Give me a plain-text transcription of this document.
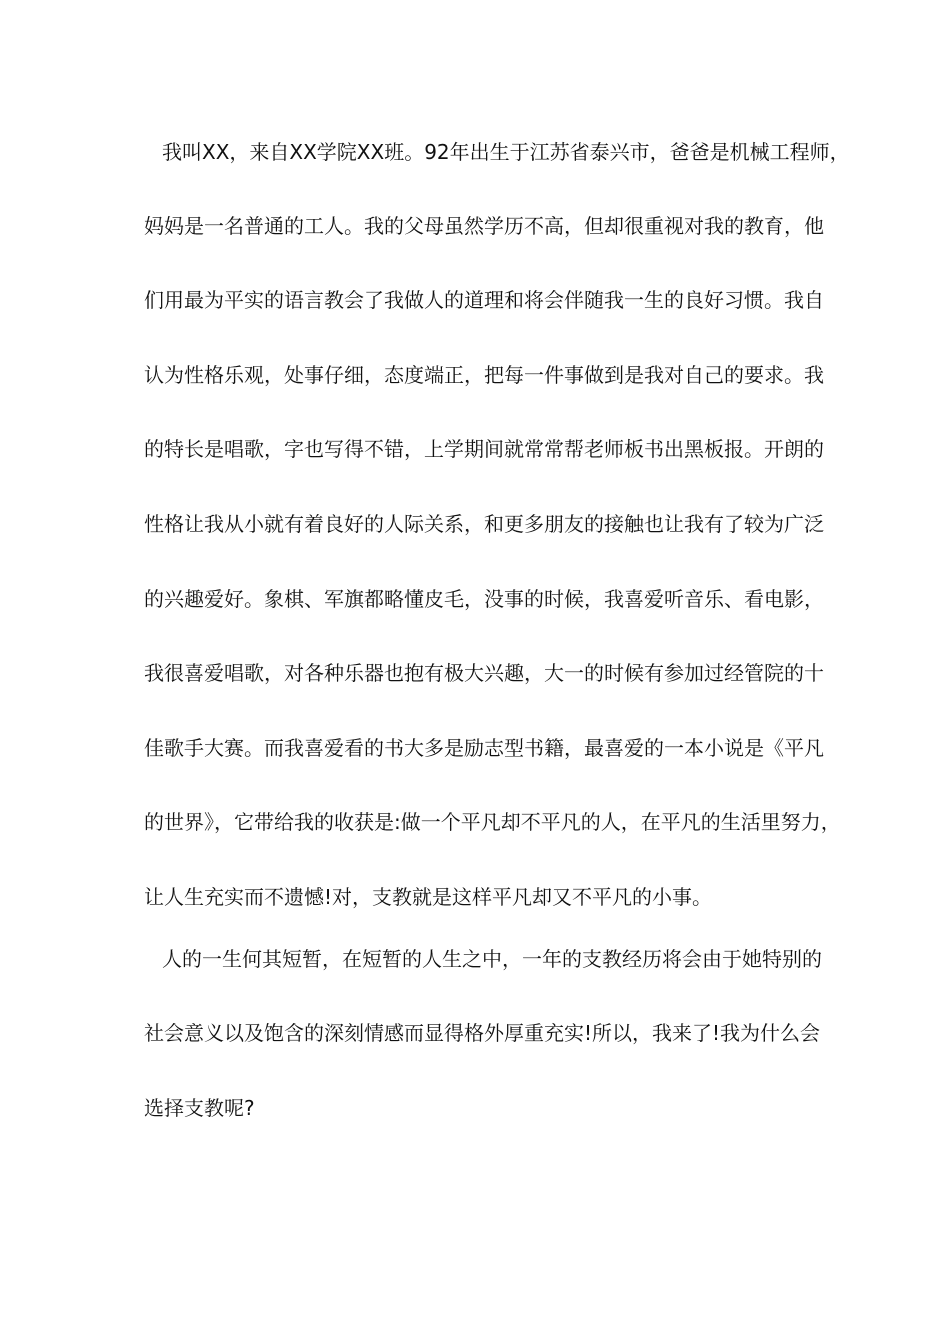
我叫XX，来自XX学院XX班。92年出生于江苏省泰兴市，爸爸是机械工程师，
妈妈是一名普通的工人。我的父母虽然学历不高，但却很重视对我的教育，他
们用最为平实的语言教会了我做人的道理和将会伴随我一生的良好习惯。我自
认为性格乐观，处事仔细，态度端正，把每一件事做到是我对自己的要求。我
的特长是唱歌，字也写得不错，上学期间就常常帮老师板书出黑板报。开朗的
性格让我从小就有着良好的人际关系，和更多朋友的接触也让我有了较为广泛
的兴趣爱好。象棋、军旗都略懂皮毛，没事的时候，我喜爱听音乐、看电影，
我很喜爱唱歌，对各种乐器也抱有极大兴趣，大一的时候有参加过经管院的十
佳歌手大赛。而我喜爱看的书大多是励志型书籍，最喜爱的一本小说是《平凡
的世界》，它带给我的收获是:做一个平凡却不平凡的人，在平凡的生活里努力，
让人生充实而不遗憾!对，支教就是这样平凡却又不平凡的小事。
人的一生何其短暂，在短暂的人生之中，一年的支教经历将会由于她特别的
社会意义以及饱含的深刻情感而显得格外厚重充实!所以，我来了!我为什么会
选择支教呢?
